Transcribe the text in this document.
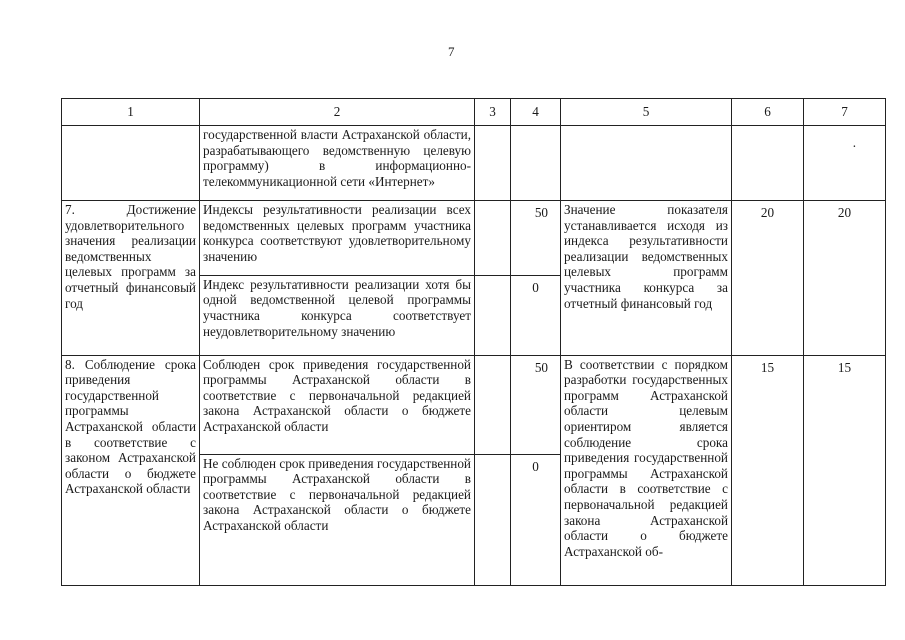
7
1	2	3	4	5	6	7
	государственной власти Астраханской области, разрабатывающего ведомственную целевую программу) в информационно-телекоммуникационной сети «Интернет»					.

7. Достижение удовлетворительного значения реализации ведомственных целевых программ за отчетный финансовый год	Индексы результативности реализации всех ведомственных целевых программ участника конкурса соответствуют удовлетворительному значению		50	Значение показателя устанавливается исходя из индекса результативности реализации ведомственных целевых программ участника конкурса за отчетный финансовый год	20	20
	Индекс результативности реализации хотя бы одной ведомственной целевой программы участника конкурса соответствует неудовлетворительному значению		0			
8. Соблюдение срока приведения государственной программы Астраханской области в соответствие с законом Астраханской области о бюджете Астраханской области	Соблюден срок приведения государственной программы Астраханской области в соответствие с первоначальной редакцией закона Астраханской области о бюджете Астраханской области		50	В соответствии с порядком разработки государственных программ Астраханской области целевым ориентиром является соблюдение срока приведения государственной программы Астраханской области в соответствие с первоначальной редакцией закона Астраханской области о бюджете Астраханской об-	15	15
	Не соблюден срок приведения государственной программы Астраханской области в соответствие с первоначальной редакцией закона Астраханской области о бюджете Астраханской области		0			
